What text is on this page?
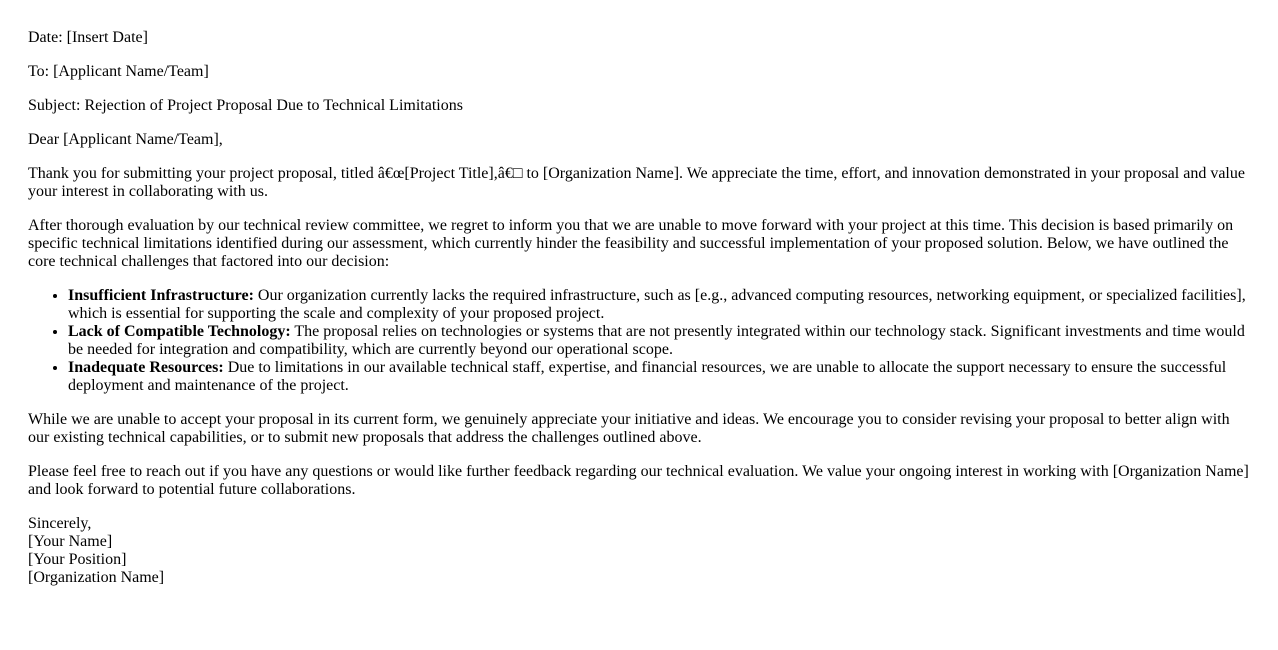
Date: [Insert Date]

To: [Applicant Name/Team]

Subject: Rejection of Project Proposal Due to Technical Limitations

Dear [Applicant Name/Team],

Thank you for submitting your project proposal, titled â€œ[Project Title],â€□ to [Organization Name]. We appreciate the time, effort, and innovation demonstrated in your proposal and value your interest in collaborating with us.

After thorough evaluation by our technical review committee, we regret to inform you that we are unable to move forward with your project at this time. This decision is based primarily on specific technical limitations identified during our assessment, which currently hinder the feasibility and successful implementation of your proposed solution. Below, we have outlined the core technical challenges that factored into our decision:

• Insufficient Infrastructure: Our organization currently lacks the required infrastructure, such as [e.g., advanced computing resources, networking equipment, or specialized facilities], which is essential for supporting the scale and complexity of your proposed project.
• Lack of Compatible Technology: The proposal relies on technologies or systems that are not presently integrated within our technology stack. Significant investments and time would be needed for integration and compatibility, which are currently beyond our operational scope.
• Inadequate Resources: Due to limitations in our available technical staff, expertise, and financial resources, we are unable to allocate the support necessary to ensure the successful deployment and maintenance of the project.

While we are unable to accept your proposal in its current form, we genuinely appreciate your initiative and ideas. We encourage you to consider revising your proposal to better align with our existing technical capabilities, or to submit new proposals that address the challenges outlined above.

Please feel free to reach out if you have any questions or would like further feedback regarding our technical evaluation. We value your ongoing interest in working with [Organization Name] and look forward to potential future collaborations.

Sincerely,
[Your Name]
[Your Position]
[Organization Name]
